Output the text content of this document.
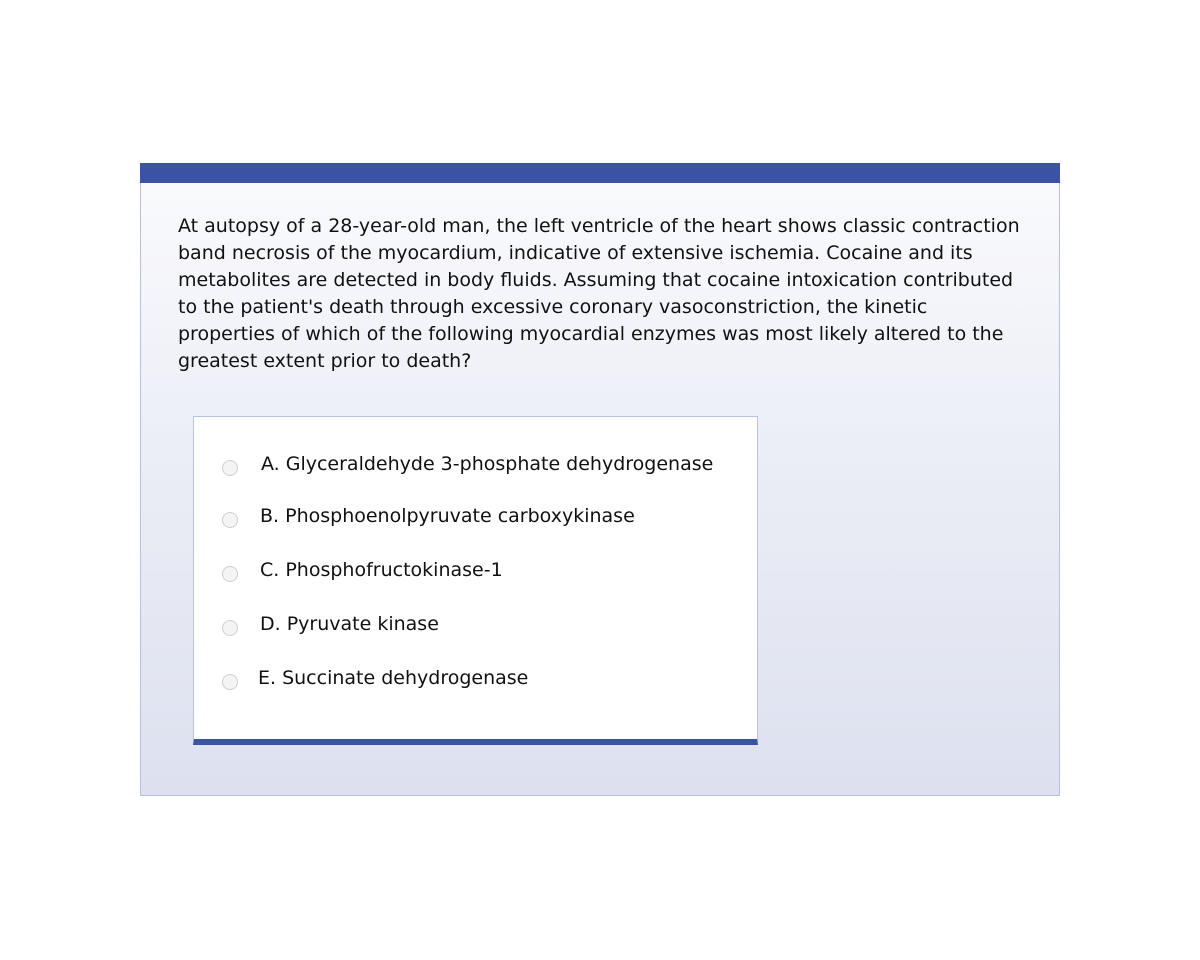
At autopsy of a 28-year-old man, the left ventricle of the heart shows classic contraction band necrosis of the myocardium, indicative of extensive ischemia. Cocaine and its metabolites are detected in body fluids. Assuming that cocaine intoxication contributed to the patient's death through excessive coronary vasoconstriction, the kinetic properties of which of the following myocardial enzymes was most likely altered to the greatest extent prior to death?

A. Glyceraldehyde 3-phosphate dehydrogenase
B. Phosphoenolpyruvate carboxykinase
C. Phosphofructokinase-1
D. Pyruvate kinase
E. Succinate dehydrogenase
